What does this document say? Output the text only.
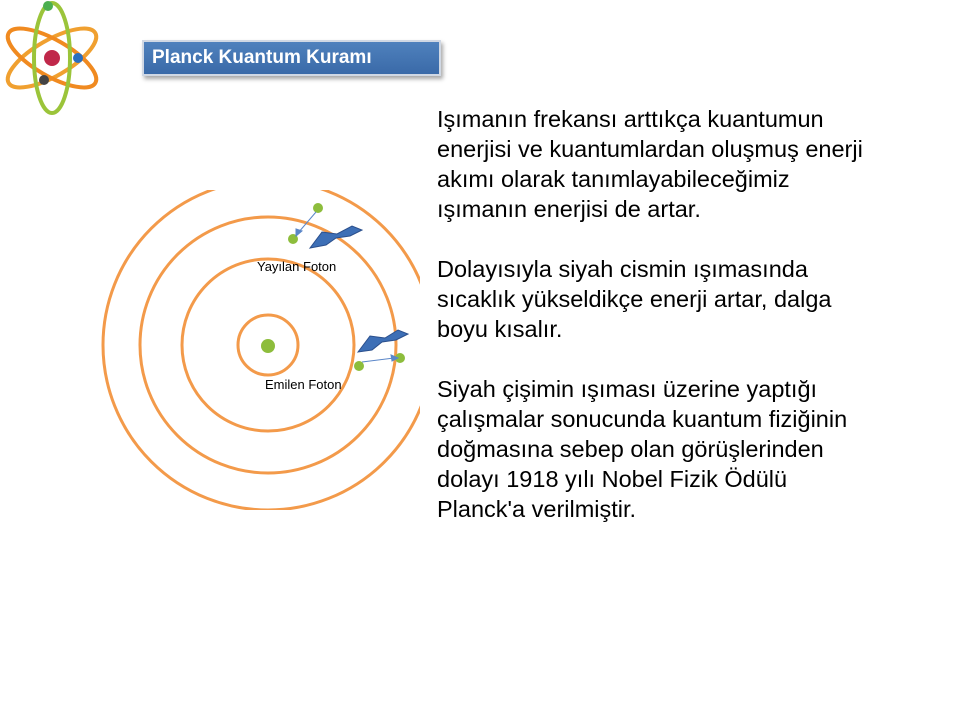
Planck Kuantum Kuramı
Yayılan Foton
Emilen Foton

Işımanın frekansı arttıkça kuantumun enerjisi ve kuantumlardan oluşmuş enerji akımı olarak tanımlayabileceğimiz ışımanın enerjisi de artar.

Dolayısıyla siyah cismin ışımasında sıcaklık yükseldikçe enerji artar, dalga boyu kısalır.

Siyah çişimin ışıması üzerine yaptığı çalışmalar sonucunda kuantum fiziğinin doğmasına sebep olan görüşlerinden dolayı 1918 yılı Nobel Fizik Ödülü Planck'a verilmiştir.
